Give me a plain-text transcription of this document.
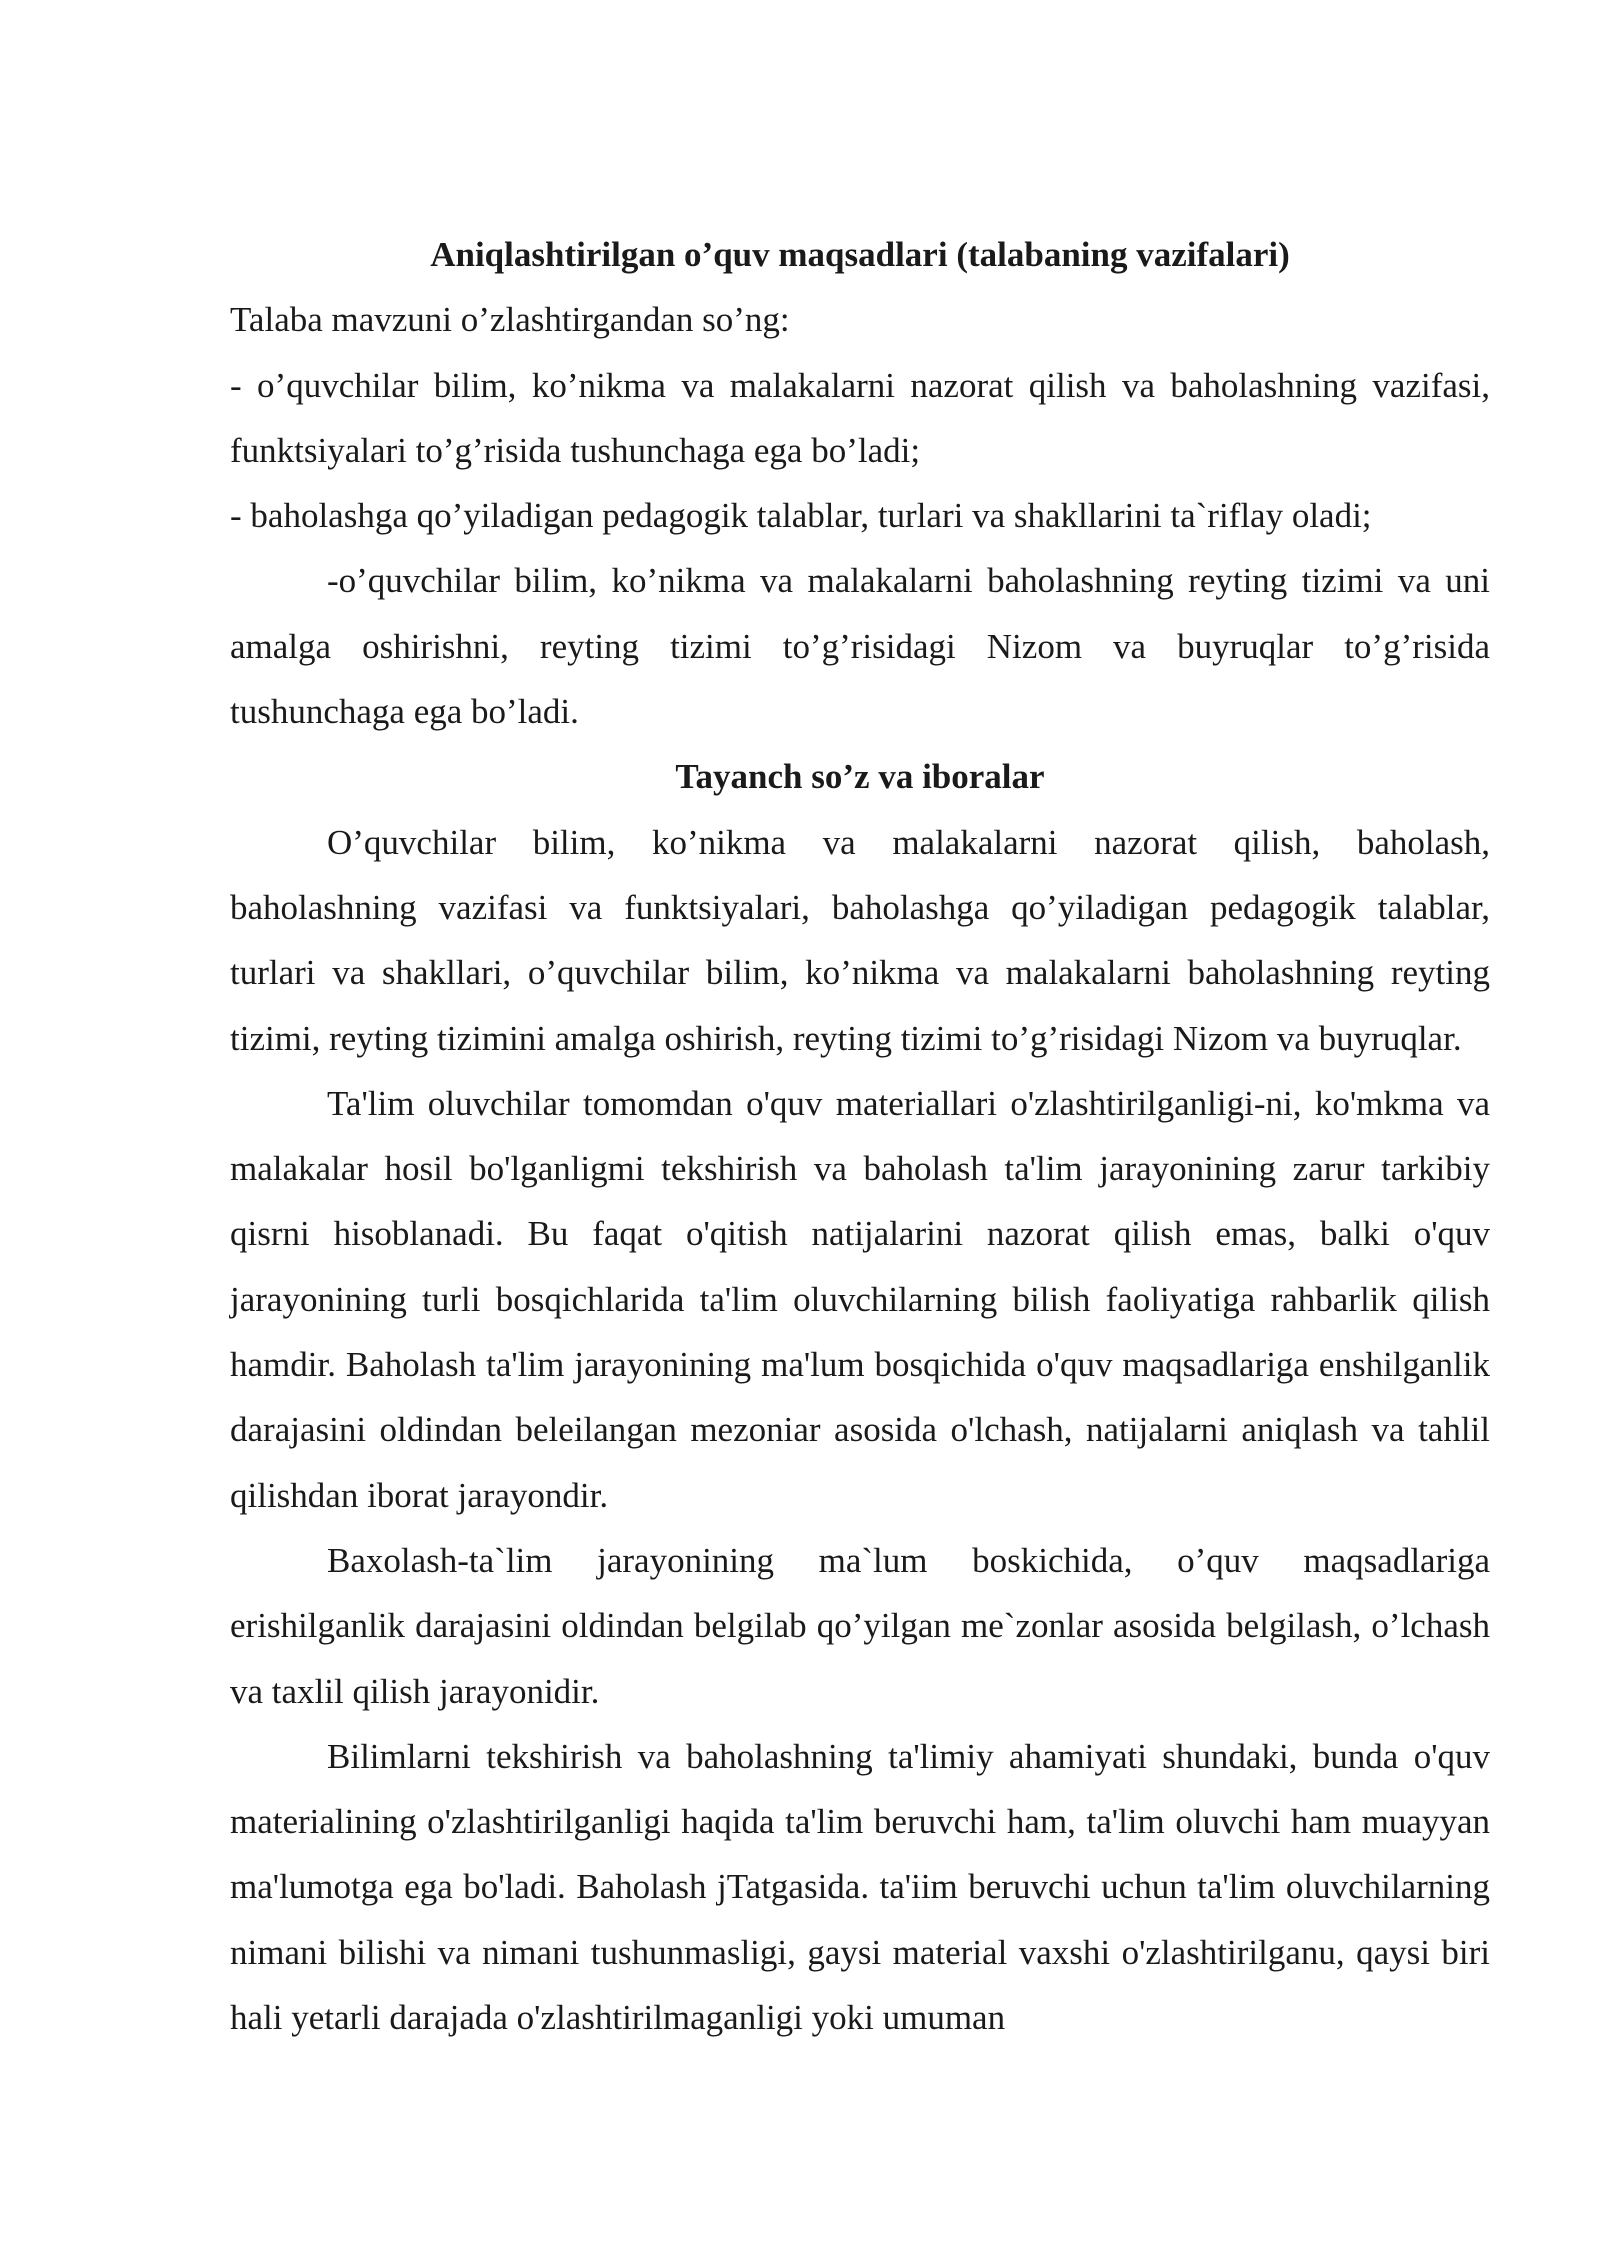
Aniqlashtirilgan o’quv maqsadlari (talabaning vazifalari)

Talaba mavzuni o’zlashtirgandan so’ng:

- o’quvchilar bilim, ko’nikma va malakalarni nazorat qilish va baholashning vazifasi, funktsiyalari to’g’risida tushunchaga ega bo’ladi;

- baholashga qo’yiladigan pedagogik talablar, turlari va shakllarini ta`riflay oladi;

-o’quvchilar bilim, ko’nikma va malakalarni baholashning reyting tizimi va uni amalga oshirishni, reyting tizimi to’g’risidagi Nizom va buyruqlar to’g’risida tushunchaga ega bo’ladi.

Tayanch so’z va iboralar

O’quvchilar bilim, ko’nikma va malakalarni nazorat qilish, baholash, baholashning vazifasi va funktsiyalari, baholashga qo’yiladigan pedagogik talablar, turlari va shakllari, o’quvchilar bilim, ko’nikma va malakalarni baholashning reyting tizimi, reyting tizimini amalga oshirish, reyting tizimi to’g’risidagi Nizom va buyruqlar.

Ta'lim oluvchilar tomomdan o'quv materiallari o'zlashtirilganligi-ni, ko'mkma va malakalar hosil bo'lganligmi tekshirish va baholash ta'lim jarayonining zarur tarkibiy qisrni hisoblanadi. Bu faqat o'qitish natijalarini nazorat qilish emas, balki o'quv jarayonining turli bosqichlarida ta'lim oluvchilarning bilish faoliyatiga rahbarlik qilish hamdir. Baholash ta'lim jarayonining ma'lum bosqichida o'quv maqsadlariga enshilganlik darajasini oldindan beleilangan mezoniar asosida o'lchash, natijalarni aniqlash va tahlil qilishdan iborat jarayondir.

Baxolash-ta`lim jarayonining ma`lum boskichida, o’quv maqsadlariga erishilganlik darajasini oldindan belgilab qo’yilgan me`zonlar asosida belgilash, o’lchash va taxlil qilish jarayonidir.

Bilimlarni tekshirish va baholashning ta'limiy ahamiyati shundaki, bunda o'quv materialining o'zlashtirilganligi haqida ta'lim beruvchi ham, ta'lim oluvchi ham muayyan ma'lumotga ega bo'ladi. Baholash jTatgasida. ta'iim beruvchi uchun ta'lim oluvchilarning nimani bilishi va nimani tushunmasligi, gaysi material vaxshi o'zlashtirilganu, qaysi biri hali yetarli darajada o'zlashtirilmaganligi yoki umuman
